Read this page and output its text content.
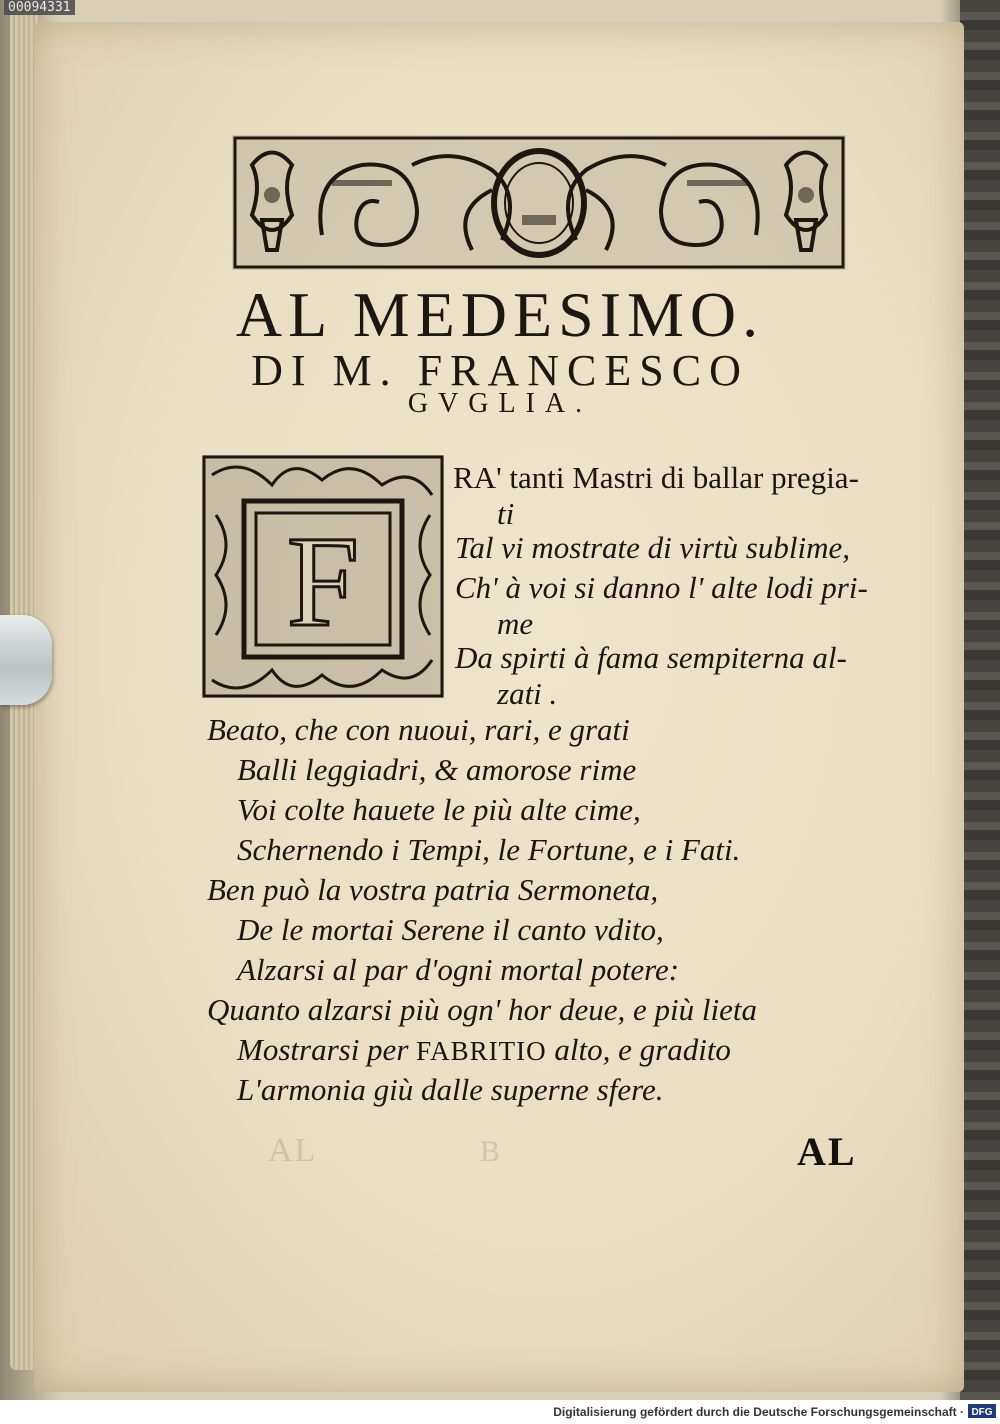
00094331
B
AL
AL MEDESIMO.
DI M. FRANCESCO
GVGLIA.
F
RA' tanti Mastri di ballar pregia-
ti
Tal vi mostrate di virtù sublime,
Ch' à voi si danno l' alte lodi pri-
me
Da spirti à fama sempiterna al-
zati .
Beato, che con nuoui, rari, e grati
Balli leggiadri, & amorose rime
Voi colte hauete le più alte cime,
Schernendo i Tempi, le Fortune, e i Fati.
Ben può la vostra patria Sermoneta,
De le mortai Serene il canto vdito,
Alzarsi al par d'ogni mortal potere:
Quanto alzarsi più ogn' hor deue, e più lieta
Mostrarsi per FABRITIO alto, e gradito
L'armonia giù dalle superne sfere.
AL
Digitalisierung gefördert durch die Deutsche Forschungsgemeinschaft · DFG
